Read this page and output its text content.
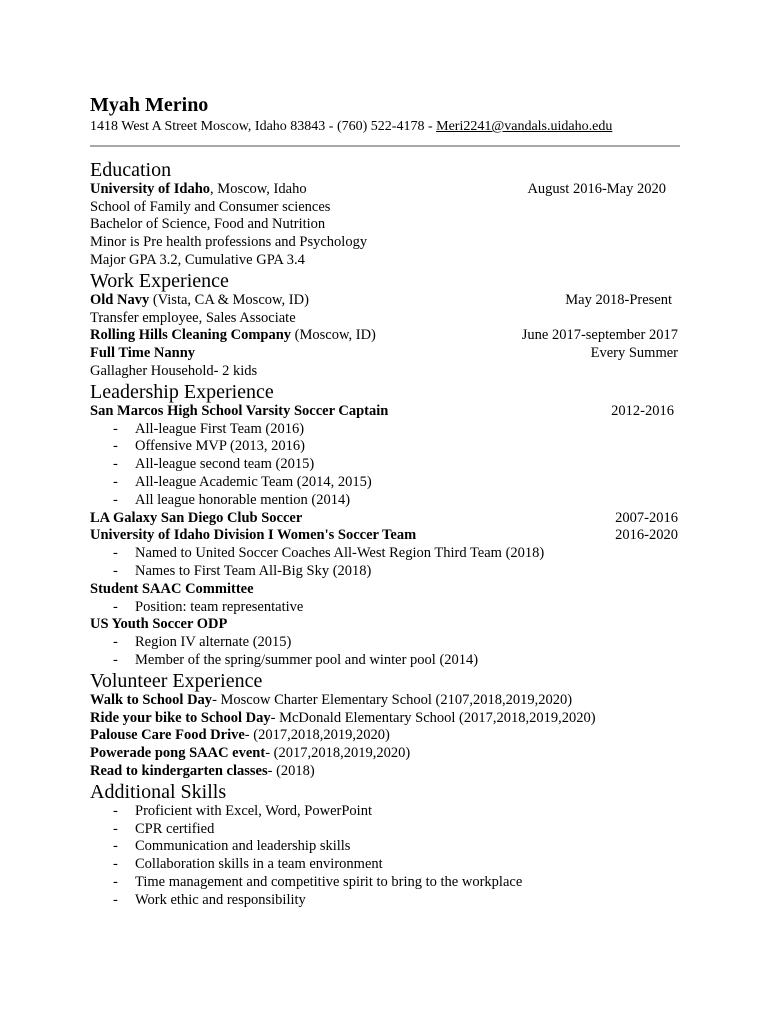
Myah Merino
1418 West A Street Moscow, Idaho 83843 - (760) 522-4178 - Meri2241@vandals.uidaho.edu
Education
University of Idaho, Moscow, Idaho	August 2016-May 2020
School of Family and Consumer sciences
Bachelor of Science, Food and Nutrition
Minor is Pre health professions and Psychology
Major GPA 3.2, Cumulative GPA 3.4
Work Experience
Old Navy (Vista, CA & Moscow, ID)	May 2018-Present
Transfer employee, Sales Associate
Rolling Hills Cleaning Company (Moscow, ID)	June 2017-september 2017
Full Time Nanny	Every Summer
Gallagher Household- 2 kids
Leadership Experience
San Marcos High School Varsity Soccer Captain	2012-2016
- All-league First Team (2016)
- Offensive MVP (2013, 2016)
- All-league second team (2015)
- All-league Academic Team (2014, 2015)
- All league honorable mention (2014)
LA Galaxy San Diego Club Soccer	2007-2016
University of Idaho Division I Women's Soccer Team	2016-2020
- Named to United Soccer Coaches All-West Region Third Team (2018)
- Names to First Team All-Big Sky (2018)
Student SAAC Committee
- Position: team representative
US Youth Soccer ODP
- Region IV alternate (2015)
- Member of the spring/summer pool and winter pool (2014)
Volunteer Experience
Walk to School Day- Moscow Charter Elementary School (2107,2018,2019,2020)
Ride your bike to School Day- McDonald Elementary School (2017,2018,2019,2020)
Palouse Care Food Drive- (2017,2018,2019,2020)
Powerade pong SAAC event- (2017,2018,2019,2020)
Read to kindergarten classes- (2018)
Additional Skills
- Proficient with Excel, Word, PowerPoint
- CPR certified
- Communication and leadership skills
- Collaboration skills in a team environment
- Time management and competitive spirit to bring to the workplace
- Work ethic and responsibility
